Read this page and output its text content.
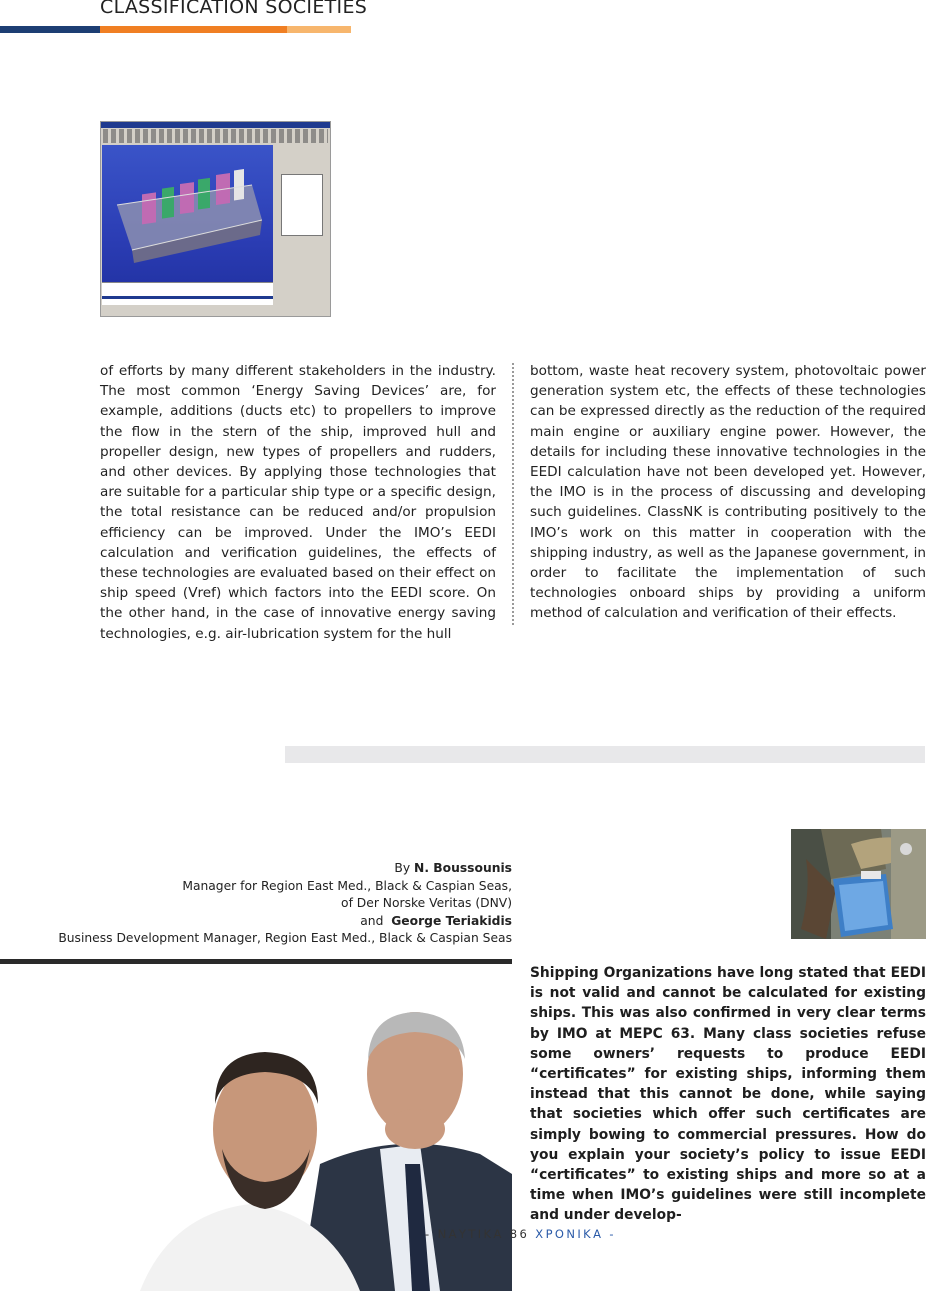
CLASSIFICATION SOCIETIES

of efforts by many different stakeholders in the industry. The most common ‘Energy Saving Devices’ are, for example, additions (ducts etc) to propellers to improve the flow in the stern of the ship, improved hull and propeller design, new types of propellers and rudders, and other devices. By applying those technologies that are suitable for a particular ship type or a specific design, the total resistance can be reduced and/or propulsion efficiency can be improved. Under the IMO’s EEDI calculation and verification guidelines, the effects of these technologies are evaluated based on their effect on ship speed (Vref) which factors into the EEDI score. On the other hand, in the case of innovative energy saving technologies, e.g. air-lubrication system for the hull

bottom, waste heat recovery system, photovoltaic power generation system etc, the effects of these technologies can be expressed directly as the reduction of the required main engine or auxiliary engine power. However, the details for including these innovative technologies in the EEDI calculation have not been developed yet. However, the IMO is in the process of discussing and developing such guidelines. ClassNK is contributing positively to the IMO’s work on this matter in cooperation with the shipping industry, as well as the Japanese government, in order to facilitate the implementation of such technologies onboard ships by providing a uniform method of calculation and verification of their effects.

By N. Boussounis
Manager for Region East Med., Black & Caspian Seas,
of Der Norske Veritas (DNV)
and George Teriakidis
Business Development Manager, Region East Med., Black & Caspian Seas
Shipping Organizations have long stated that EEDI is not valid and cannot be calculated for existing ships. This was also confirmed in very clear terms by IMO at MEPC 63. Many class societies refuse some owners’ requests to produce EEDI “certificates” for existing ships, informing them instead that this cannot be done, while saying that societies which offer such certificates are simply bowing to commercial pressures. How do you explain your society’s policy to issue EEDI “certificates” to existing ships and more so at a time when IMO’s guidelines were still incomplete and under develop-
- ΝΑΥΤΙΚΑ 86 ΧΡΟΝΙΚΑ -
